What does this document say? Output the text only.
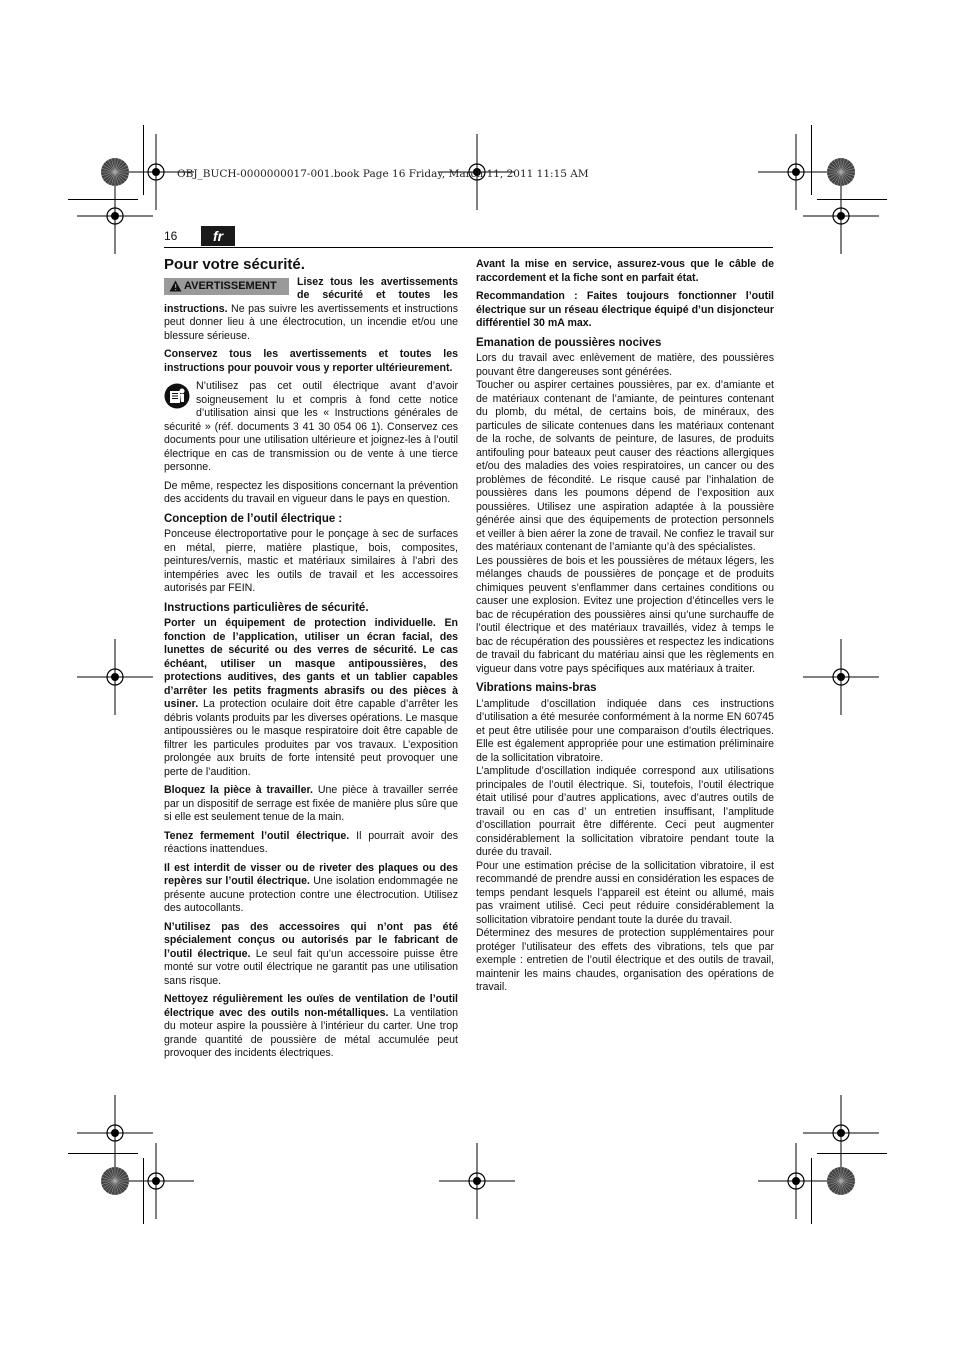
OBJ_BUCH-0000000017-001.book Page 16 Friday, March 11, 2011 11:15 AM
16	fr
Pour votre sécurité.

AVERTISSEMENT	Lisez tous les avertissements de sécurité et toutes les instructions. Ne pas suivre les avertissements et instructions peut donner lieu à une électrocution, un incendie et/ou une blessure sérieuse.

Conservez tous les avertissements et toutes les instructions pour pouvoir vous y reporter ultérieurement.

N’utilisez pas cet outil électrique avant d’avoir soigneusement lu et compris à fond cette notice d’utilisation ainsi que les « Instructions générales de sécurité » (réf. documents 3 41 30 054 06 1). Conservez ces documents pour une utilisation ultérieure et joignez-les à l’outil électrique en cas de transmission ou de vente à une tierce personne.

De même, respectez les dispositions concernant la prévention des accidents du travail en vigueur dans le pays en question.

Conception de l’outil électrique :

Ponceuse électroportative pour le ponçage à sec de surfaces en métal, pierre, matière plastique, bois, composites, peintures/vernis, mastic et matériaux similaires à l’abri des intempéries avec les outils de travail et les accessoires autorisés par FEIN.

Instructions particulières de sécurité.

Porter un équipement de protection individuelle. En fonction de l’application, utiliser un écran facial, des lunettes de sécurité ou des verres de sécurité. Le cas échéant, utiliser un masque antipoussières, des protections auditives, des gants et un tablier capables d’arrêter les petits fragments abrasifs ou des pièces à usiner. La protection oculaire doit être capable d’arrêter les débris volants produits par les diverses opérations. Le masque antipoussières ou le masque respiratoire doit être capable de filtrer les particules produites par vos travaux. L’exposition prolongée aux bruits de forte intensité peut provoquer une perte de l’audition.

Bloquez la pièce à travailler. Une pièce à travailler serrée par un dispositif de serrage est fixée de manière plus sûre que si elle est seulement tenue de la main.

Tenez fermement l’outil électrique. Il pourrait avoir des réactions inattendues.

Il est interdit de visser ou de riveter des plaques ou des repères sur l’outil électrique. Une isolation endommagée ne présente aucune protection contre une électrocution. Utilisez des autocollants.

N’utilisez pas des accessoires qui n’ont pas été spécialement conçus ou autorisés par le fabricant de l’outil électrique. Le seul fait qu’un accessoire puisse être monté sur votre outil électrique ne garantit pas une utilisation sans risque.

Nettoyez régulièrement les ouïes de ventilation de l’outil électrique avec des outils non-métalliques. La ventilation du moteur aspire la poussière à l’intérieur du carter. Une trop grande quantité de poussière de métal accumulée peut provoquer des incidents électriques.

Avant la mise en service, assurez-vous que le câble de raccordement et la fiche sont en parfait état.

Recommandation : Faites toujours fonctionner l’outil électrique sur un réseau électrique équipé d’un disjoncteur différentiel 30 mA max.

Emanation de poussières nocives

Lors du travail avec enlèvement de matière, des poussières pouvant être dangereuses sont générées.

Toucher ou aspirer certaines poussières, par ex. d’amiante et de matériaux contenant de l’amiante, de peintures contenant du plomb, du métal, de certains bois, de minéraux, des particules de silicate contenues dans les matériaux contenant de la roche, de solvants de peinture, de lasures, de produits antifouling pour bateaux peut causer des réactions allergiques et/ou des maladies des voies respiratoires, un cancer ou des problèmes de fécondité. Le risque causé par l’inhalation de poussières dans les poumons dépend de l’exposition aux poussières. Utilisez une aspiration adaptée à la poussière générée ainsi que des équipements de protection personnels et veiller à bien aérer la zone de travail. Ne confiez le travail sur des matériaux contenant de l’amiante qu’à des spécialistes.

Les poussières de bois et les poussières de métaux légers, les mélanges chauds de poussières de ponçage et de produits chimiques peuvent s’enflammer dans certaines conditions ou causer une explosion. Evitez une projection d’étincelles vers le bac de récupération des poussières ainsi qu’une surchauffe de l’outil électrique et des matériaux travaillés, videz à temps le bac de récupération des poussières et respectez les indications de travail du fabricant du matériau ainsi que les règlements en vigueur dans votre pays spécifiques aux matériaux à traiter.

Vibrations mains-bras

L’amplitude d’oscillation indiquée dans ces instructions d’utilisation a été mesurée conformément à la norme EN 60745 et peut être utilisée pour une comparaison d’outils électriques. Elle est également appropriée pour une estimation préliminaire de la sollicitation vibratoire.

L’amplitude d’oscillation indiquée correspond aux utilisations principales de l’outil électrique. Si, toutefois, l’outil électrique était utilisé pour d’autres applications, avec d’autres outils de travail ou en cas d’ un entretien insuffisant, l’amplitude d’oscillation pourrait être différente. Ceci peut augmenter considérablement la sollicitation vibratoire pendant toute la durée du travail.

Pour une estimation précise de la sollicitation vibratoire, il est recommandé de prendre aussi en considération les espaces de temps pendant lesquels l’appareil est éteint ou allumé, mais pas vraiment utilisé. Ceci peut réduire considérablement la sollicitation vibratoire pendant toute la durée du travail.

Déterminez des mesures de protection supplémentaires pour protéger l’utilisateur des effets des vibrations, tels que par exemple : entretien de l’outil électrique et des outils de travail, maintenir les mains chaudes, organisation des opérations de travail.
